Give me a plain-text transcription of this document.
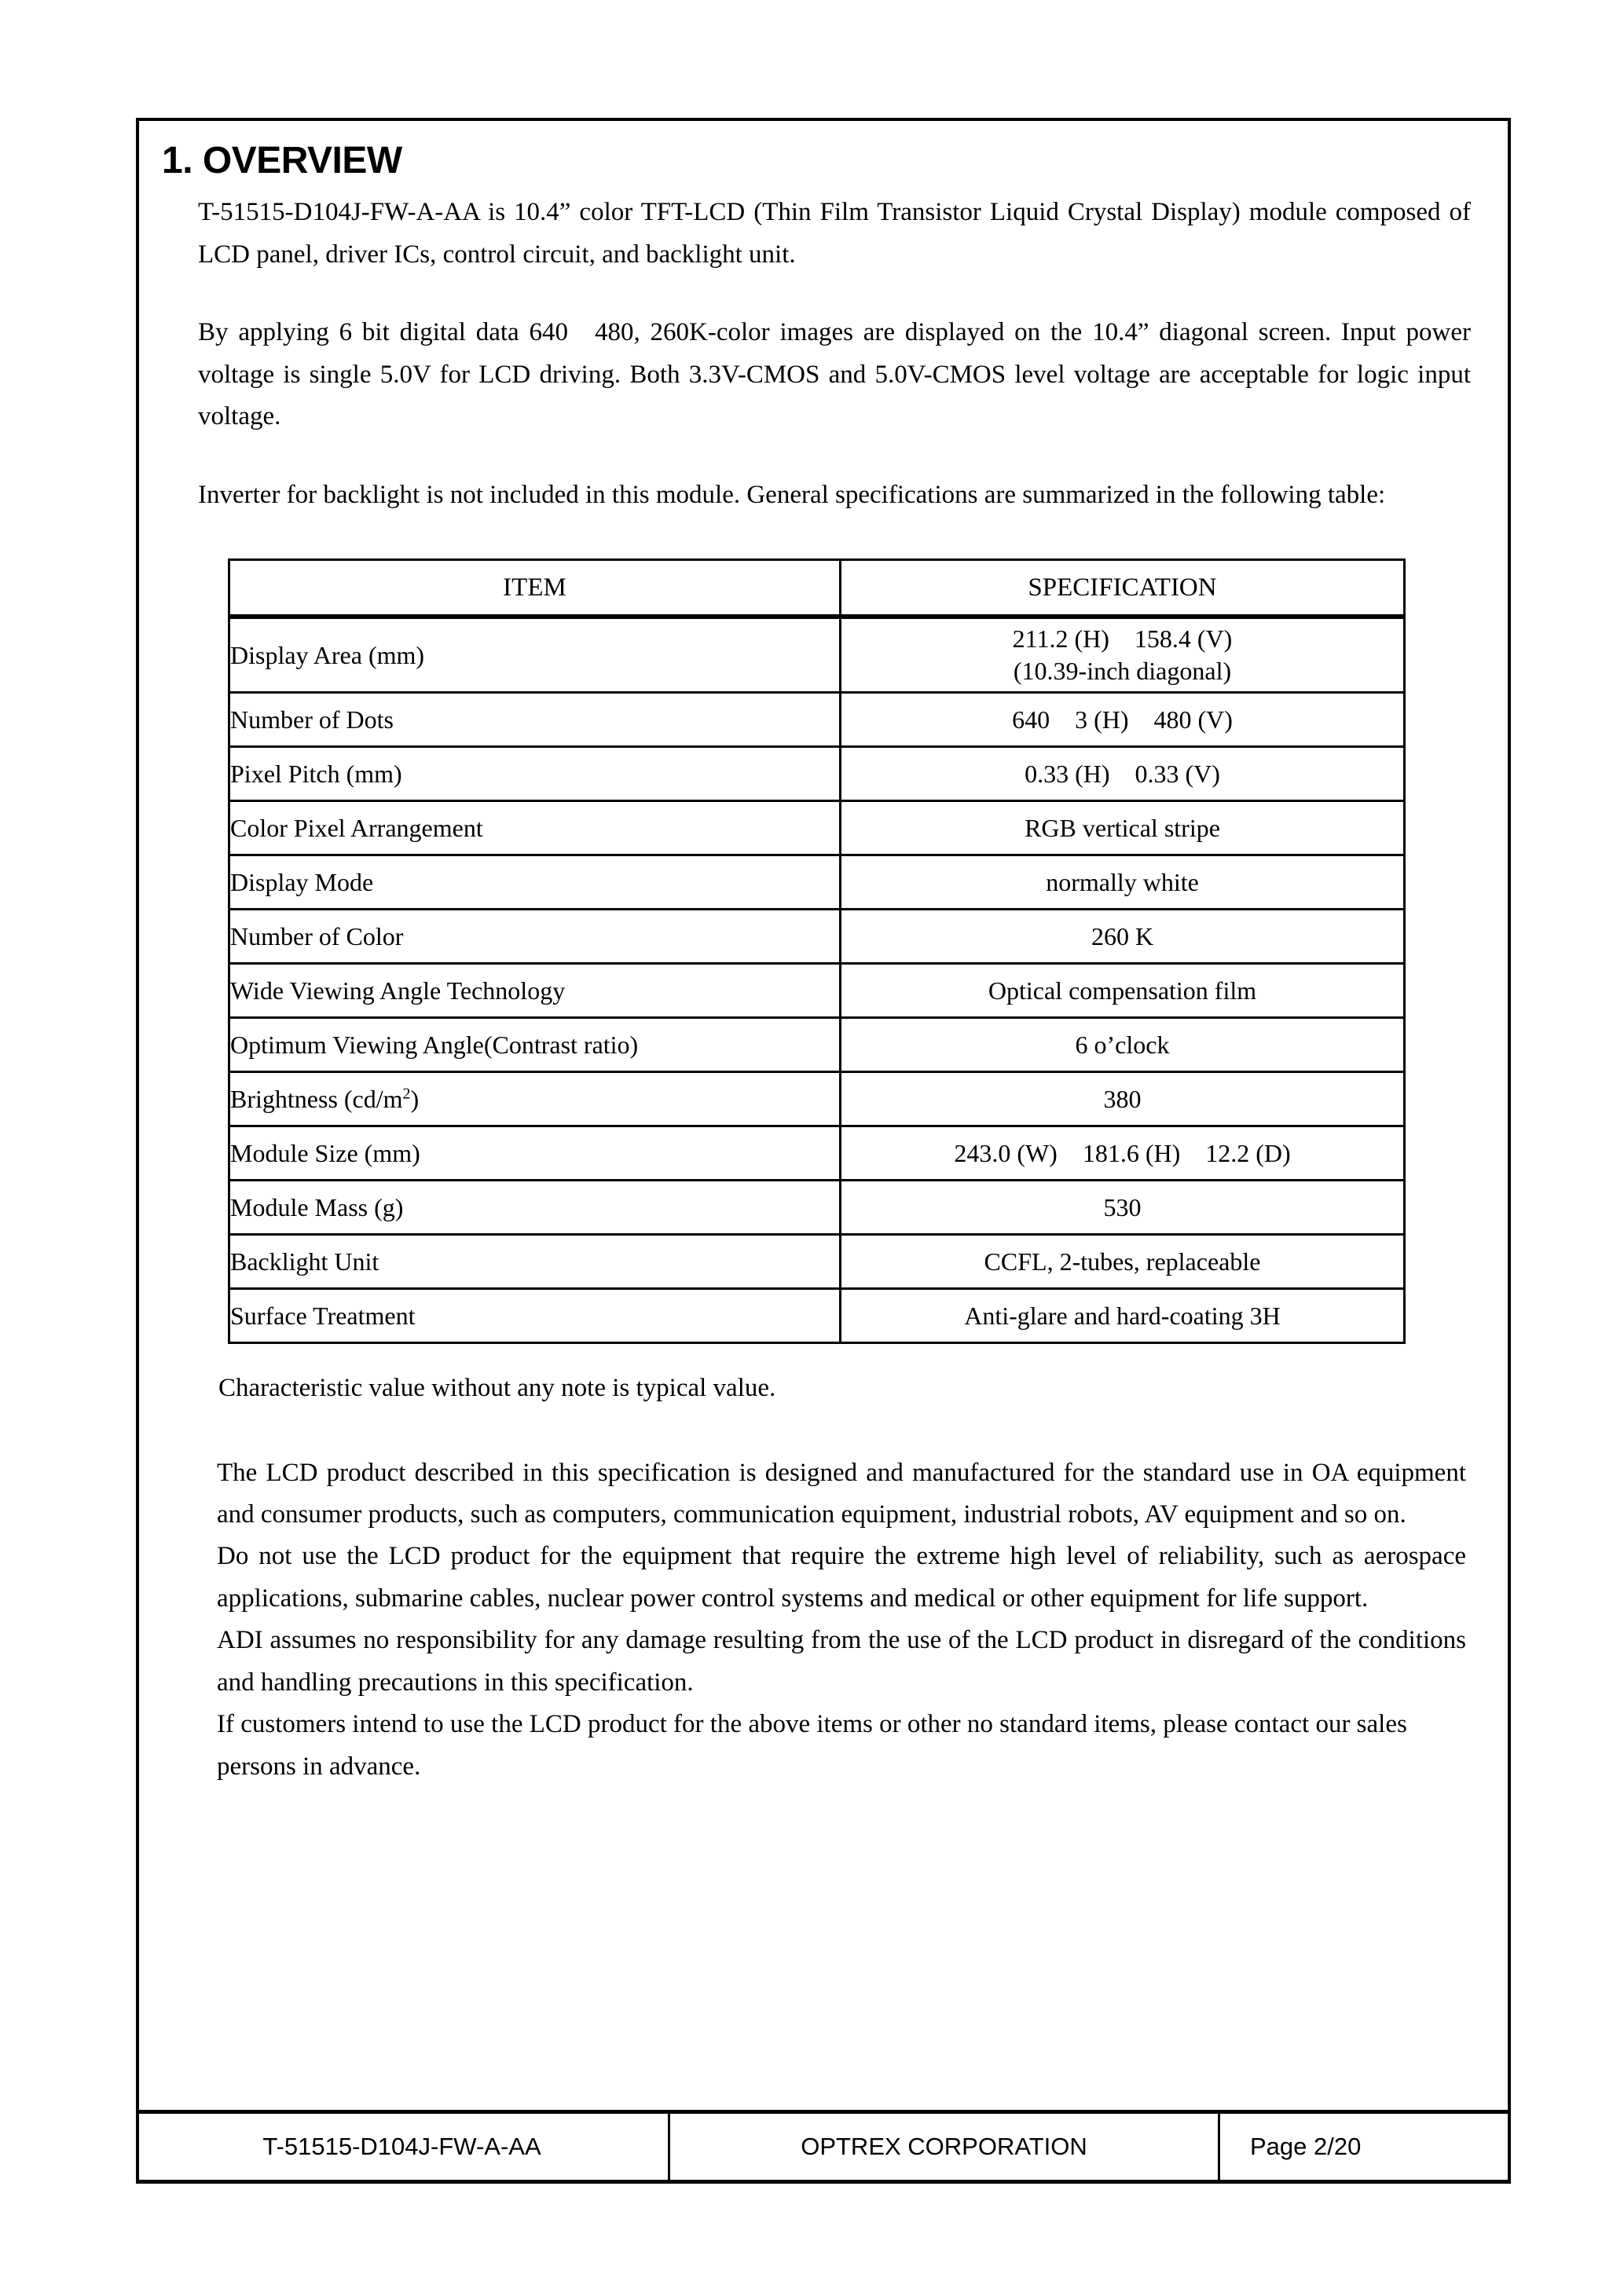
1. OVERVIEW

T-51515-D104J-FW-A-AA is 10.4” color TFT-LCD (Thin Film Transistor Liquid Crystal Display) module composed of LCD panel, driver ICs, control circuit, and backlight unit.

By applying 6 bit digital data 640 480, 260K-color images are displayed on the 10.4” diagonal screen. Input power voltage is single 5.0V for LCD driving. Both 3.3V-CMOS and 5.0V-CMOS level voltage are acceptable for logic input voltage.

Inverter for backlight is not included in this module. General specifications are summarized in the following table:

ITEM	SPECIFICATION

Display Area (mm)	211.2 (H) 158.4 (V)
(10.39-inch diagonal)

Number of Dots	640 3 (H) 480 (V)

Pixel Pitch (mm)	0.33 (H) 0.33 (V)

Color Pixel Arrangement	RGB vertical stripe

Display Mode	normally white

Number of Color	260 K

Wide Viewing Angle Technology	Optical compensation film

Optimum Viewing Angle(Contrast ratio)	6 o’clock

Brightness $(cd/m^2)$	380

Module Size (mm)	243.0 (W) 181.6 (H) 12.2 (D)

Module Mass (g)	530

Backlight Unit	CCFL, 2-tubes, replaceable

Surface Treatment	Anti-glare and hard-coating 3H

Characteristic value without any note is typical value.

The LCD product described in this specification is designed and manufactured for the standard use in OA equipment and consumer products, such as computers, communication equipment, industrial robots, AV equipment and so on.

Do not use the LCD product for the equipment that require the extreme high level of reliability, such as aerospace applications, submarine cables, nuclear power control systems and medical or other equipment for life support.

ADI assumes no responsibility for any damage resulting from the use of the LCD product in disregard of the conditions and handling precautions in this specification.

If customers intend to use the LCD product for the above items or other no standard items, please contact our sales persons in advance.

T-51515-D104J-FW-A-AA	OPTREX CORPORATION	Page 2/20
